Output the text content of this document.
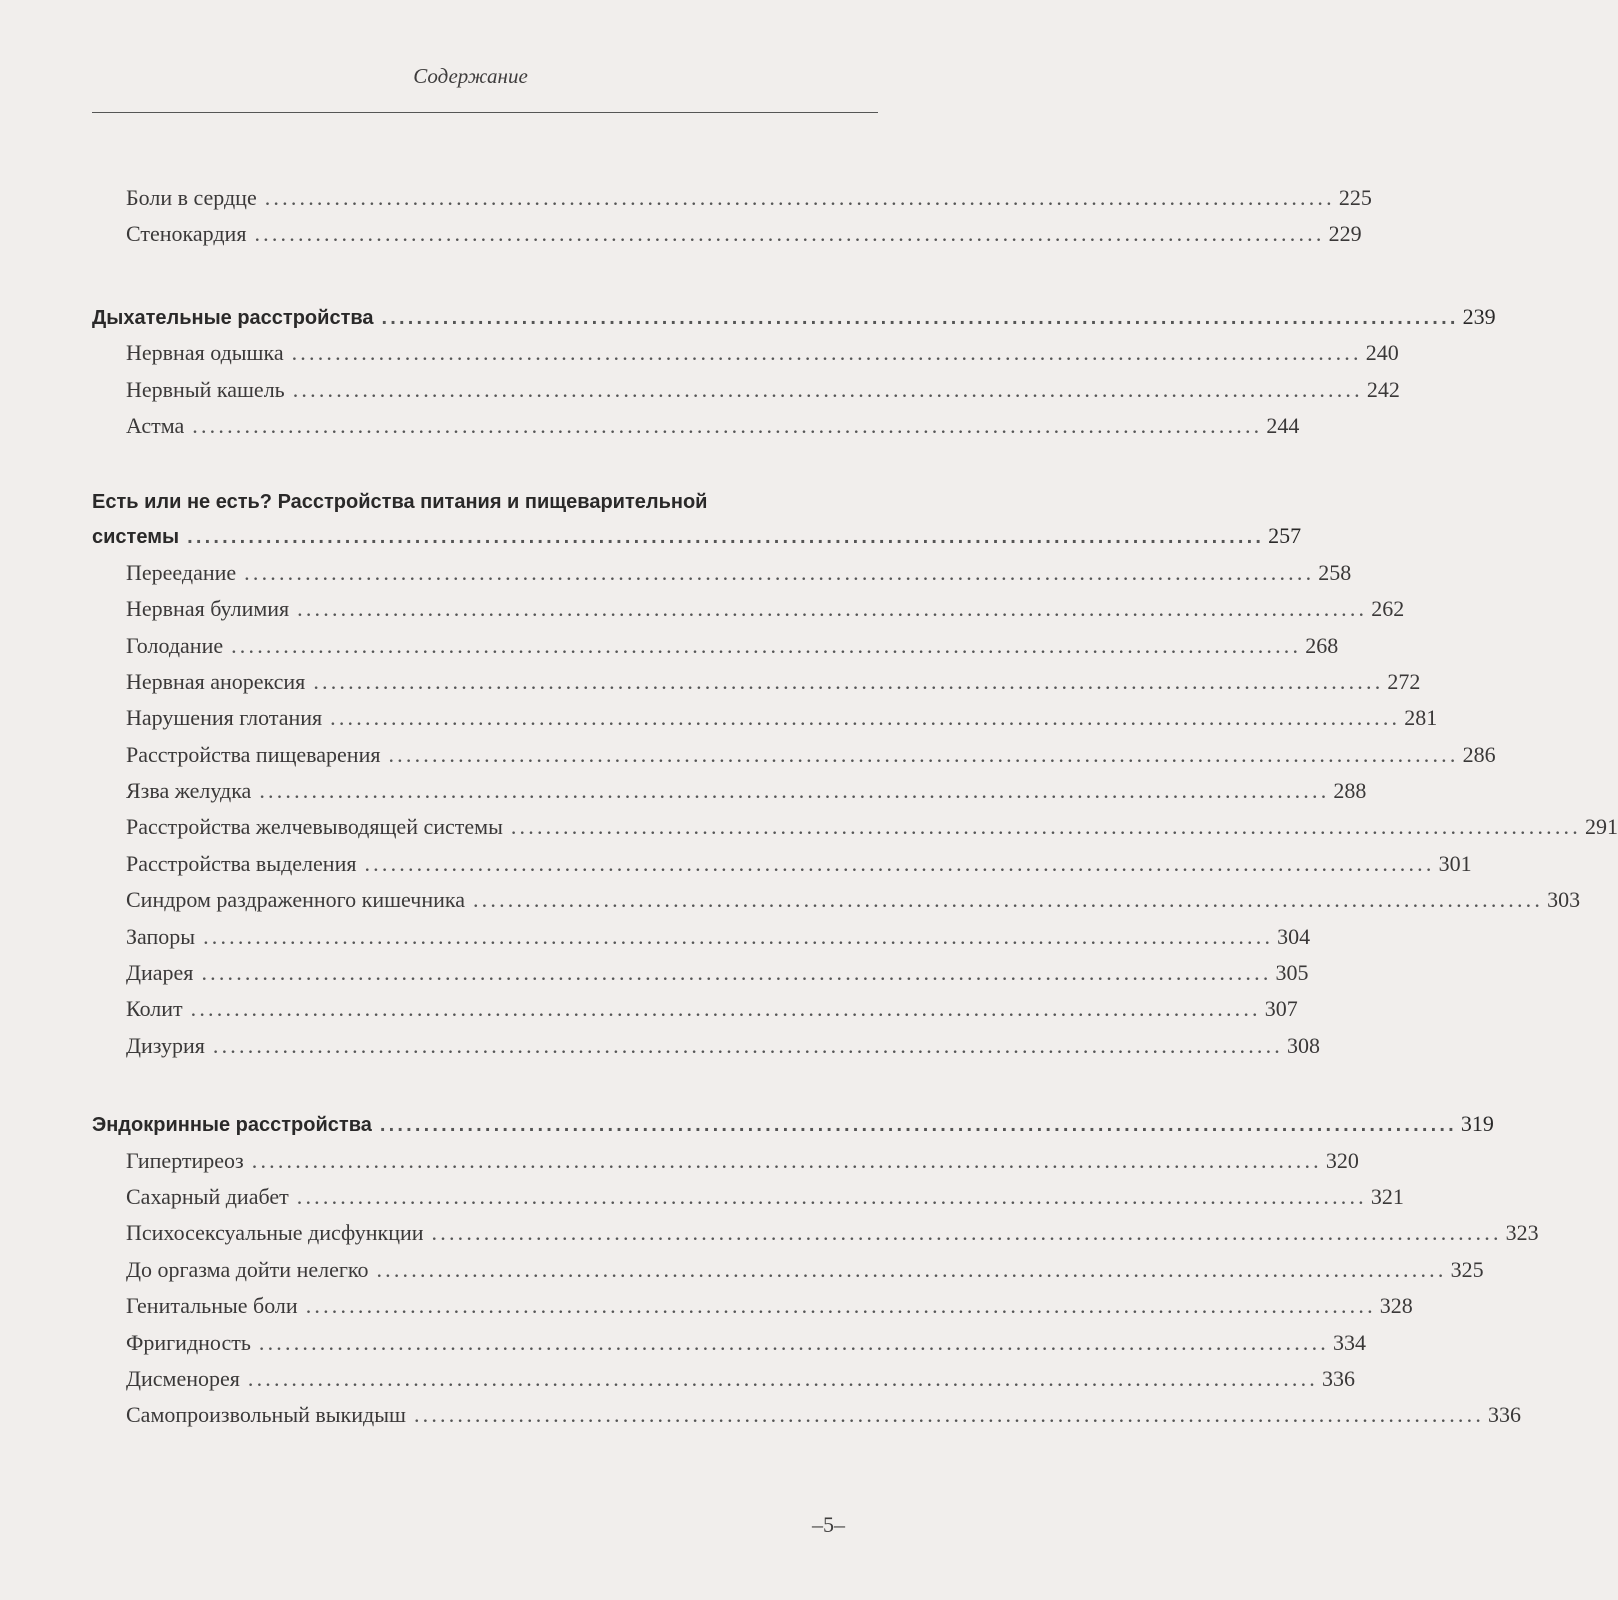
Содержание
Боли в сердце ........................................................................................................................... 225
Стенокардия ........................................................................................................................... 229
Дыхательные расстройства ........................................................................................................................... 239
Нервная одышка ........................................................................................................................... 240
Нервный кашель ........................................................................................................................... 242
Астма ........................................................................................................................... 244
Есть или не есть? Расстройства питания и пищеварительной
системы ........................................................................................................................... 257
Переедание ........................................................................................................................... 258
Нервная булимия ........................................................................................................................... 262
Голодание ........................................................................................................................... 268
Нервная анорексия ........................................................................................................................... 272
Нарушения глотания ........................................................................................................................... 281
Расстройства пищеварения ........................................................................................................................... 286
Язва желудка ........................................................................................................................... 288
Расстройства желчевыводящей системы ........................................................................................................................... 291
Расстройства выделения ........................................................................................................................... 301
Синдром раздраженного кишечника ........................................................................................................................... 303
Запоры ........................................................................................................................... 304
Диарея ........................................................................................................................... 305
Колит ........................................................................................................................... 307
Дизурия ........................................................................................................................... 308
Эндокринные расстройства ........................................................................................................................... 319
Гипертиреоз ........................................................................................................................... 320
Сахарный диабет ........................................................................................................................... 321
Психосексуальные дисфункции ........................................................................................................................... 323
До оргазма дойти нелегко ........................................................................................................................... 325
Генитальные боли ........................................................................................................................... 328
Фригидность ........................................................................................................................... 334
Дисменорея ........................................................................................................................... 336
Самопроизвольный выкидыш ........................................................................................................................... 336
–5–
